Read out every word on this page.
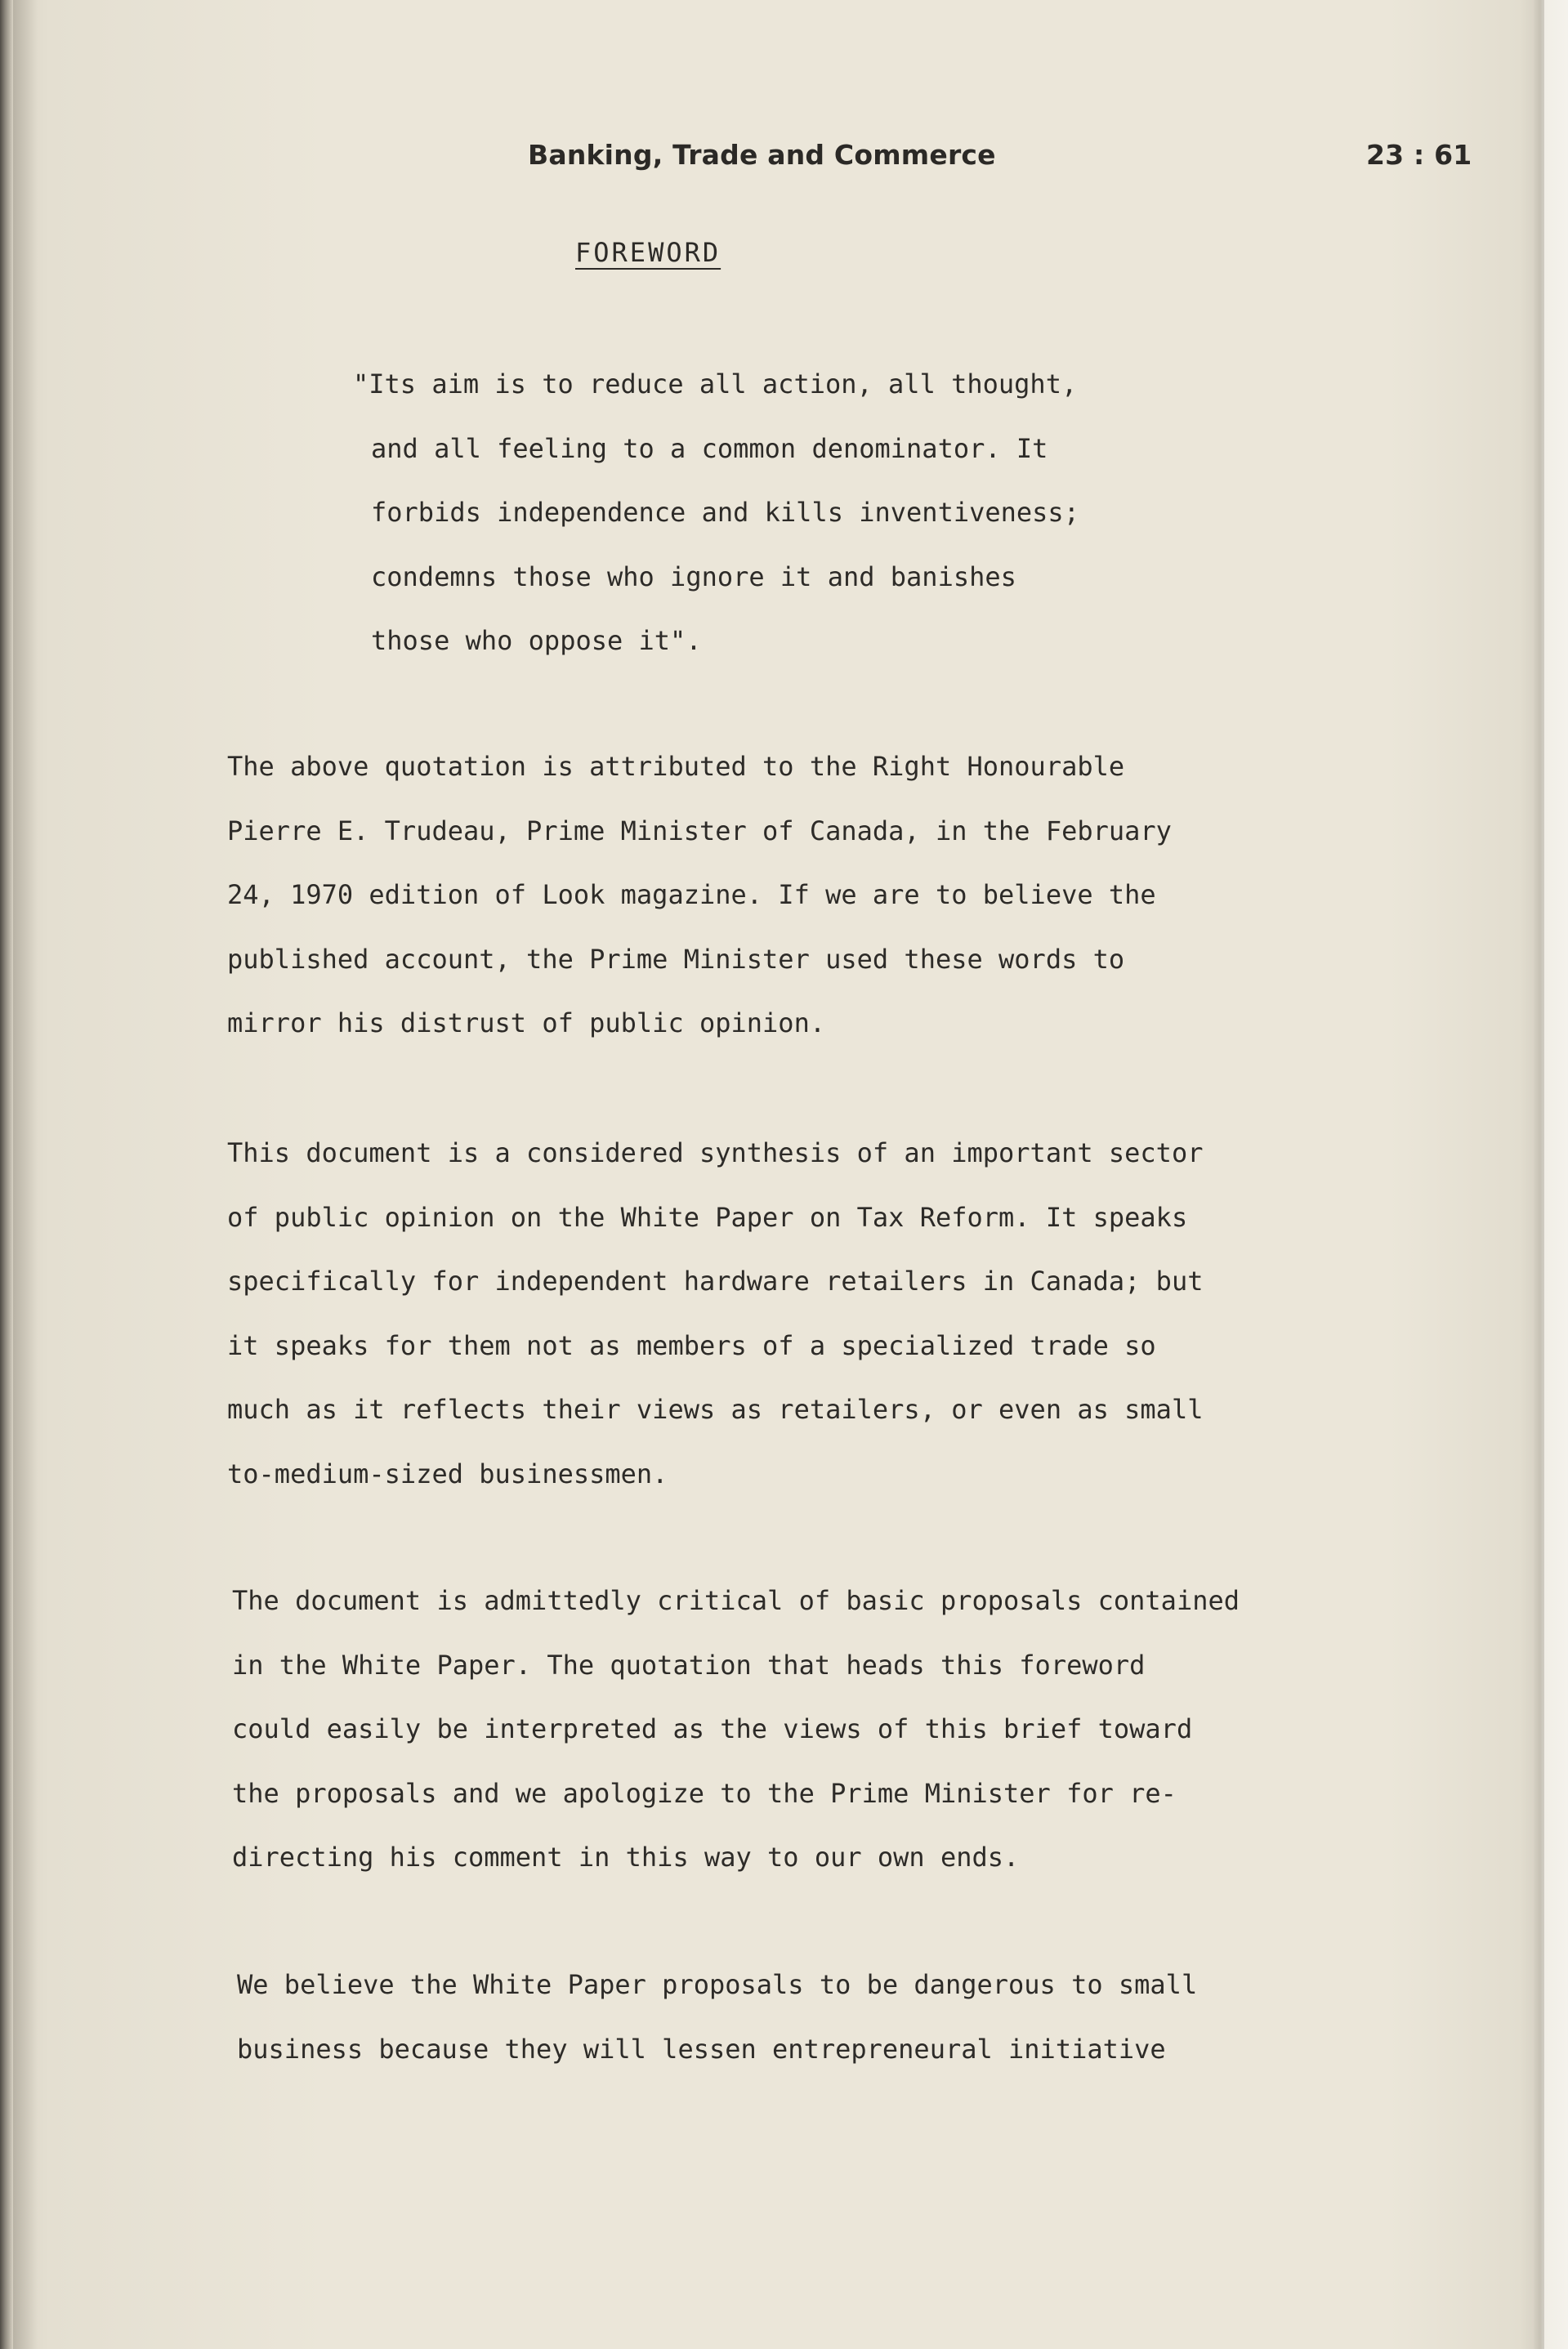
Banking, Trade and Commerce	23 : 61
FOREWORD

"Its aim is to reduce all action, all thought,

and all feeling to a common denominator. It

forbids independence and kills inventiveness;

condemns those who ignore it and banishes

those who oppose it".

The above quotation is attributed to the Right Honourable

Pierre E. Trudeau, Prime Minister of Canada, in the February

24, 1970 edition of Look magazine. If we are to believe the

published account, the Prime Minister used these words to

mirror his distrust of public opinion.

This document is a considered synthesis of an important sector

of public opinion on the White Paper on Tax Reform. It speaks

specifically for independent hardware retailers in Canada; but

it speaks for them not as members of a specialized trade so

much as it reflects their views as retailers, or even as small

to-medium-sized businessmen.

The document is admittedly critical of basic proposals contained

in the White Paper. The quotation that heads this foreword

could easily be interpreted as the views of this brief toward

the proposals and we apologize to the Prime Minister for re-

directing his comment in this way to our own ends.

We believe the White Paper proposals to be dangerous to small

business because they will lessen entrepreneural initiative
